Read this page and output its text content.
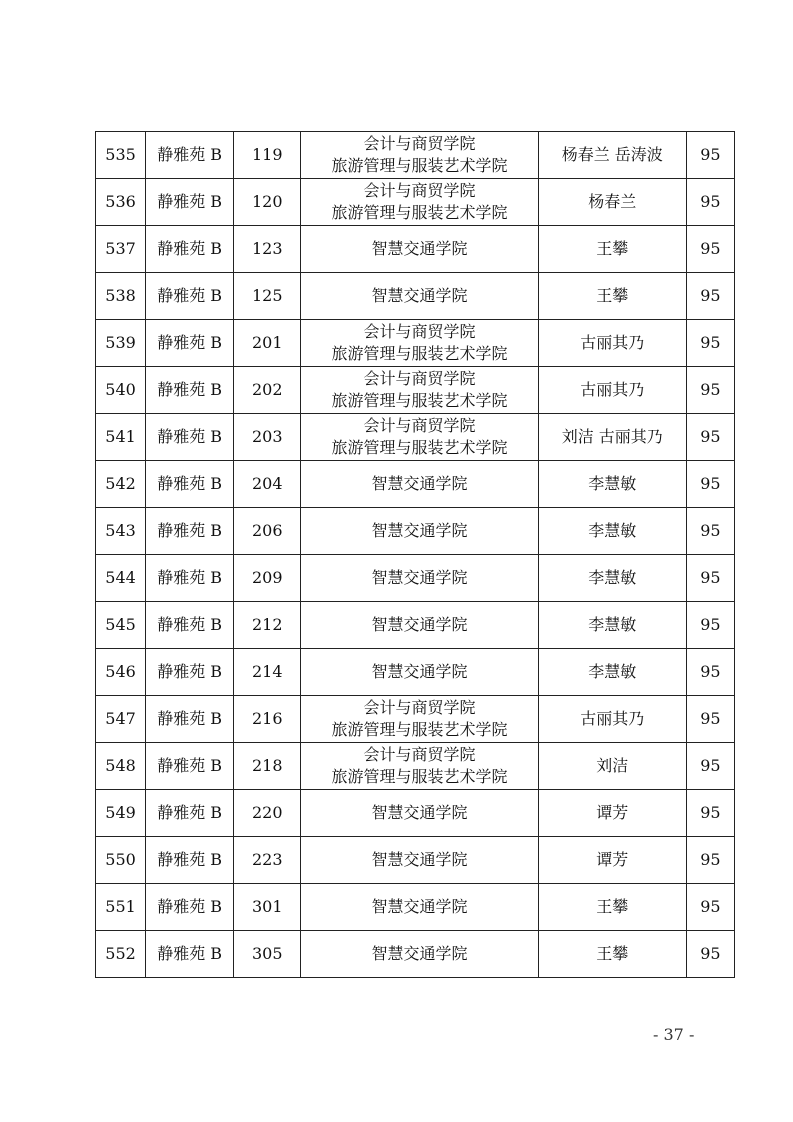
535	静雅苑 B	119	会计与商贸学院
旅游管理与服装艺术学院	杨春兰 岳涛波	95
536	静雅苑 B	120	会计与商贸学院
旅游管理与服装艺术学院	杨春兰	95
537	静雅苑 B	123	智慧交通学院	王攀	95
538	静雅苑 B	125	智慧交通学院	王攀	95
539	静雅苑 B	201	会计与商贸学院
旅游管理与服装艺术学院	古丽其乃	95
540	静雅苑 B	202	会计与商贸学院
旅游管理与服装艺术学院	古丽其乃	95
541	静雅苑 B	203	会计与商贸学院
旅游管理与服装艺术学院	刘洁 古丽其乃	95
542	静雅苑 B	204	智慧交通学院	李慧敏	95
543	静雅苑 B	206	智慧交通学院	李慧敏	95
544	静雅苑 B	209	智慧交通学院	李慧敏	95
545	静雅苑 B	212	智慧交通学院	李慧敏	95
546	静雅苑 B	214	智慧交通学院	李慧敏	95
547	静雅苑 B	216	会计与商贸学院
旅游管理与服装艺术学院	古丽其乃	95
548	静雅苑 B	218	会计与商贸学院
旅游管理与服装艺术学院	刘洁	95
549	静雅苑 B	220	智慧交通学院	谭芳	95
550	静雅苑 B	223	智慧交通学院	谭芳	95
551	静雅苑 B	301	智慧交通学院	王攀	95
552	静雅苑 B	305	智慧交通学院	王攀	95
- 37 -
